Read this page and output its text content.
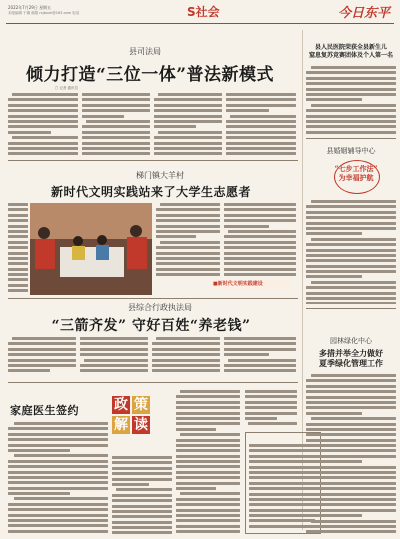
2022年7月29日 星期五
本版编辑 于娜 邮箱 rxjbxxh@163.com 电话	S社会	今日东平
县司法局
倾力打造“三位一体”普法新模式
□ 记者 通讯员
梯门镇大羊村
新时代文明实践站来了大学生志愿者
■新时代文明实践建设
县综合行政执法局
“三箭齐发” 守好百姓“养老钱”
家庭医生签约	政 策
解 读
县人民医院荣获全县新生儿
窒息复苏竞赛团体及个人第一名
县婚姻辅导中心
“七步工作法”
为幸福护航
园林绿化中心
多措并举全力做好
夏季绿化管理工作
